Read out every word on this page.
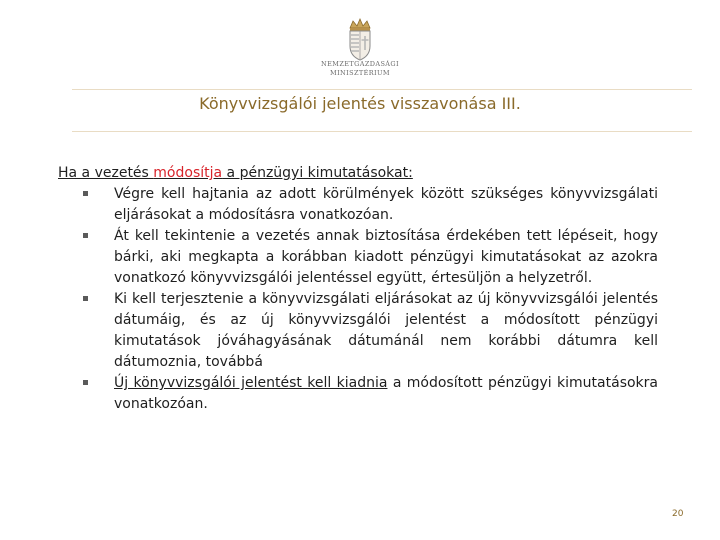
NEMZETGAZDASÁGI
MINISZTÉRIUM
Könyvvizsgálói jelentés visszavonása III.

Ha a vezetés módosítja a pénzügyi kimutatásokat:

Végre kell hajtania az adott körülmények között szükséges könyvvizsgálati eljárásokat a módosításra vonatkozóan.
Át kell tekintenie a vezetés annak biztosítása érdekében tett lépéseit, hogy bárki, aki megkapta a korábban kiadott pénzügyi kimutatásokat az azokra vonatkozó könyvvizsgálói jelentéssel együtt, értesüljön a helyzetről.
Ki kell terjesztenie a könyvvizsgálati eljárásokat az új könyvvizsgálói jelentés dátumáig, és az új könyvvizsgálói jelentést a módosított pénzügyi kimutatások jóváhagyásának dátumánál nem korábbi dátumra kell dátumoznia, továbbá
Új könyvvizsgálói jelentést kell kiadnia a módosított pénzügyi kimutatásokra vonatkozóan.
20
